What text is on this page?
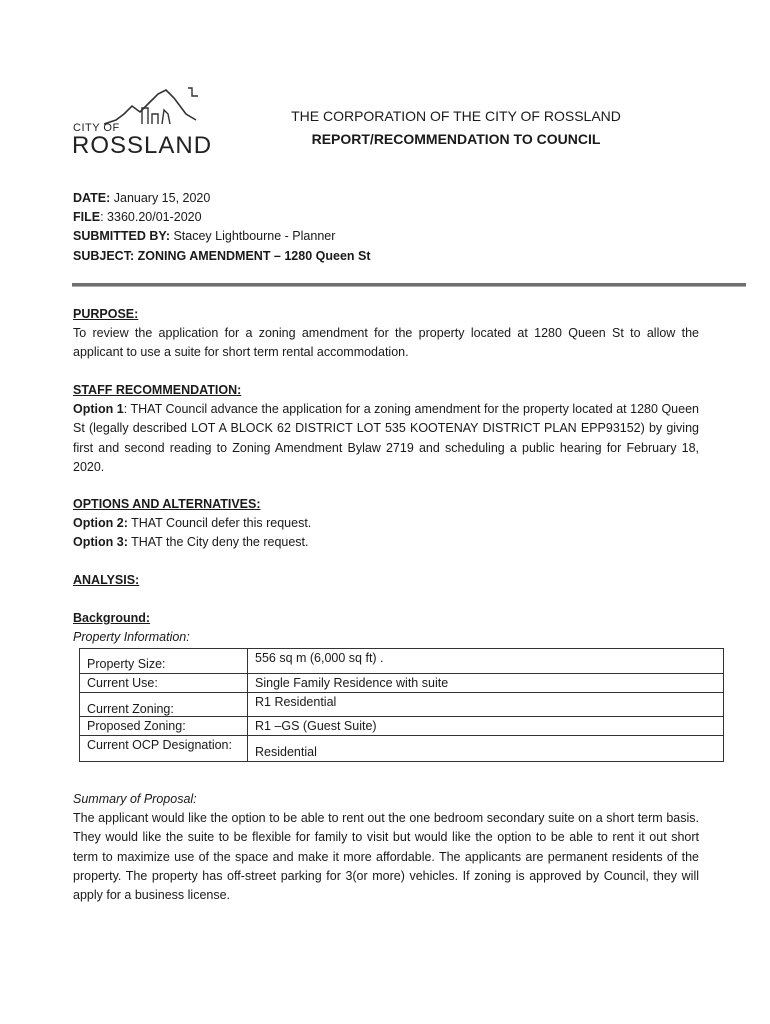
CITY OF
ROSSLAND
THE CORPORATION OF THE CITY OF ROSSLAND
REPORT/RECOMMENDATION TO COUNCIL
DATE: January 15, 2020
FILE: 3360.20/01-2020
SUBMITTED BY: Stacey Lightbourne - Planner
SUBJECT: ZONING AMENDMENT – 1280 Queen St
PURPOSE:

To review the application for a zoning amendment for the property located at 1280 Queen St to allow the applicant to use a suite for short term rental accommodation.

STAFF RECOMMENDATION:

Option 1: THAT Council advance the application for a zoning amendment for the property located at 1280 Queen St (legally described LOT A BLOCK 62 DISTRICT LOT 535 KOOTENAY DISTRICT PLAN EPP93152) by giving first and second reading to Zoning Amendment Bylaw 2719 and scheduling a public hearing for February 18, 2020.

OPTIONS AND ALTERNATIVES:
Option 2: THAT Council defer this request.
Option 3: THAT the City deny the request.
ANALYSIS:
Background:
Property Information:
Property Size:	556 sq m (6,000 sq ft) .
Current Use:	Single Family Residence with suite
Current Zoning:	R1 Residential
Proposed Zoning:	R1 –GS (Guest Suite)
Current OCP Designation:	Residential
Summary of Proposal:

The applicant would like the option to be able to rent out the one bedroom secondary suite on a short term basis. They would like the suite to be flexible for family to visit but would like the option to be able to rent it out short term to maximize use of the space and make it more affordable. The applicants are permanent residents of the property. The property has off-street parking for 3(or more) vehicles. If zoning is approved by Council, they will apply for a business license.
